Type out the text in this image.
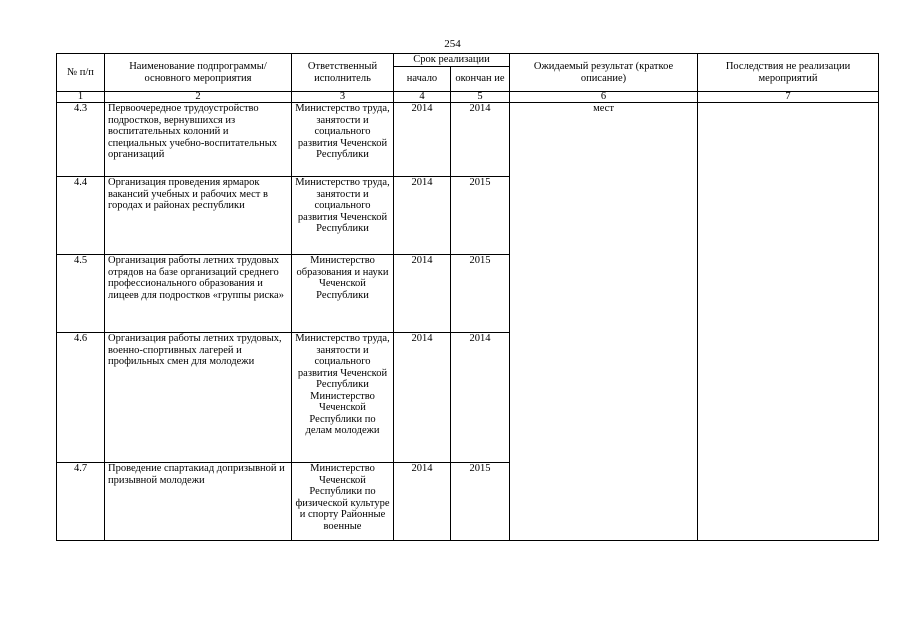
254
№ п/п	Наименование подпрограммы/ основного мероприятия	Ответственный исполнитель	Срок реализации		Ожидаемый результат (краткое описание)	Последствия не реализации мероприятий
			начало	окончан ие		
1	2	3	4	5	6	7
4.3	Первоочередное трудоустройство подростков, вернувшихся из воспитательных колоний и специальных учебно-воспитательных организаций	Министерство труда, занятости и социального развития Чеченской Республики	2014	2014	мест	
4.4	Организация проведения ярмарок вакансий учебных и рабочих мест в городах и районах республики	Министерство труда, занятости и социального развития Чеченской Республики	2014	2015		
4.5	Организация работы летних трудовых отрядов на базе организаций среднего профессионального образования и лицеев для подростков «группы риска»	Министерство образования и науки Чеченской Республики	2014	2015		
4.6	Организация работы летних трудовых, военно-спортивных лагерей и профильных смен для молодежи	Министерство труда, занятости и социального развития Чеченской Республики Министерство Чеченской Республики по делам молодежи	2014	2014		
4.7	Проведение спартакиад допризывной и призывной молодежи	Министерство Чеченской Республики по физической культуре и спорту Районные военные	2014	2015		
